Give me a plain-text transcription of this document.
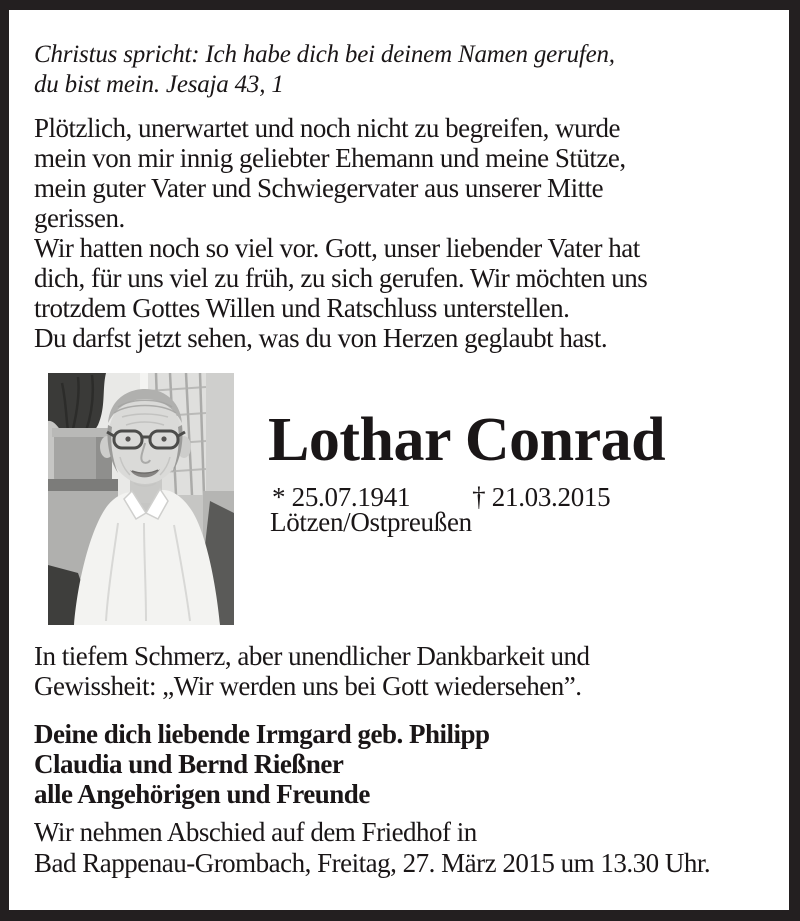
Christus spricht: Ich habe dich bei deinem Namen gerufen,
du bist mein. Jesaja 43, 1
Plötzlich, unerwartet und noch nicht zu begreifen, wurde
mein von mir innig geliebter Ehemann und meine Stütze,
mein guter Vater und Schwiegervater aus unserer Mitte
gerissen.
Wir hatten noch so viel vor. Gott, unser liebender Vater hat
dich, für uns viel zu früh, zu sich gerufen. Wir möchten uns
trotzdem Gottes Willen und Ratschluss unterstellen.
Du darfst jetzt sehen, was du von Herzen geglaubt hast.
Lothar Conrad
* 25.07.1941 † 21.03.2015
Lötzen/Ostpreußen
In tiefem Schmerz, aber unendlicher Dankbarkeit und
Gewissheit: „Wir werden uns bei Gott wiedersehen”.
Deine dich liebende Irmgard geb. Philipp
Claudia und Bernd Rießner
alle Angehörigen und Freunde
Wir nehmen Abschied auf dem Friedhof in
Bad Rappenau-Grombach, Freitag, 27. März 2015 um 13.30 Uhr.
